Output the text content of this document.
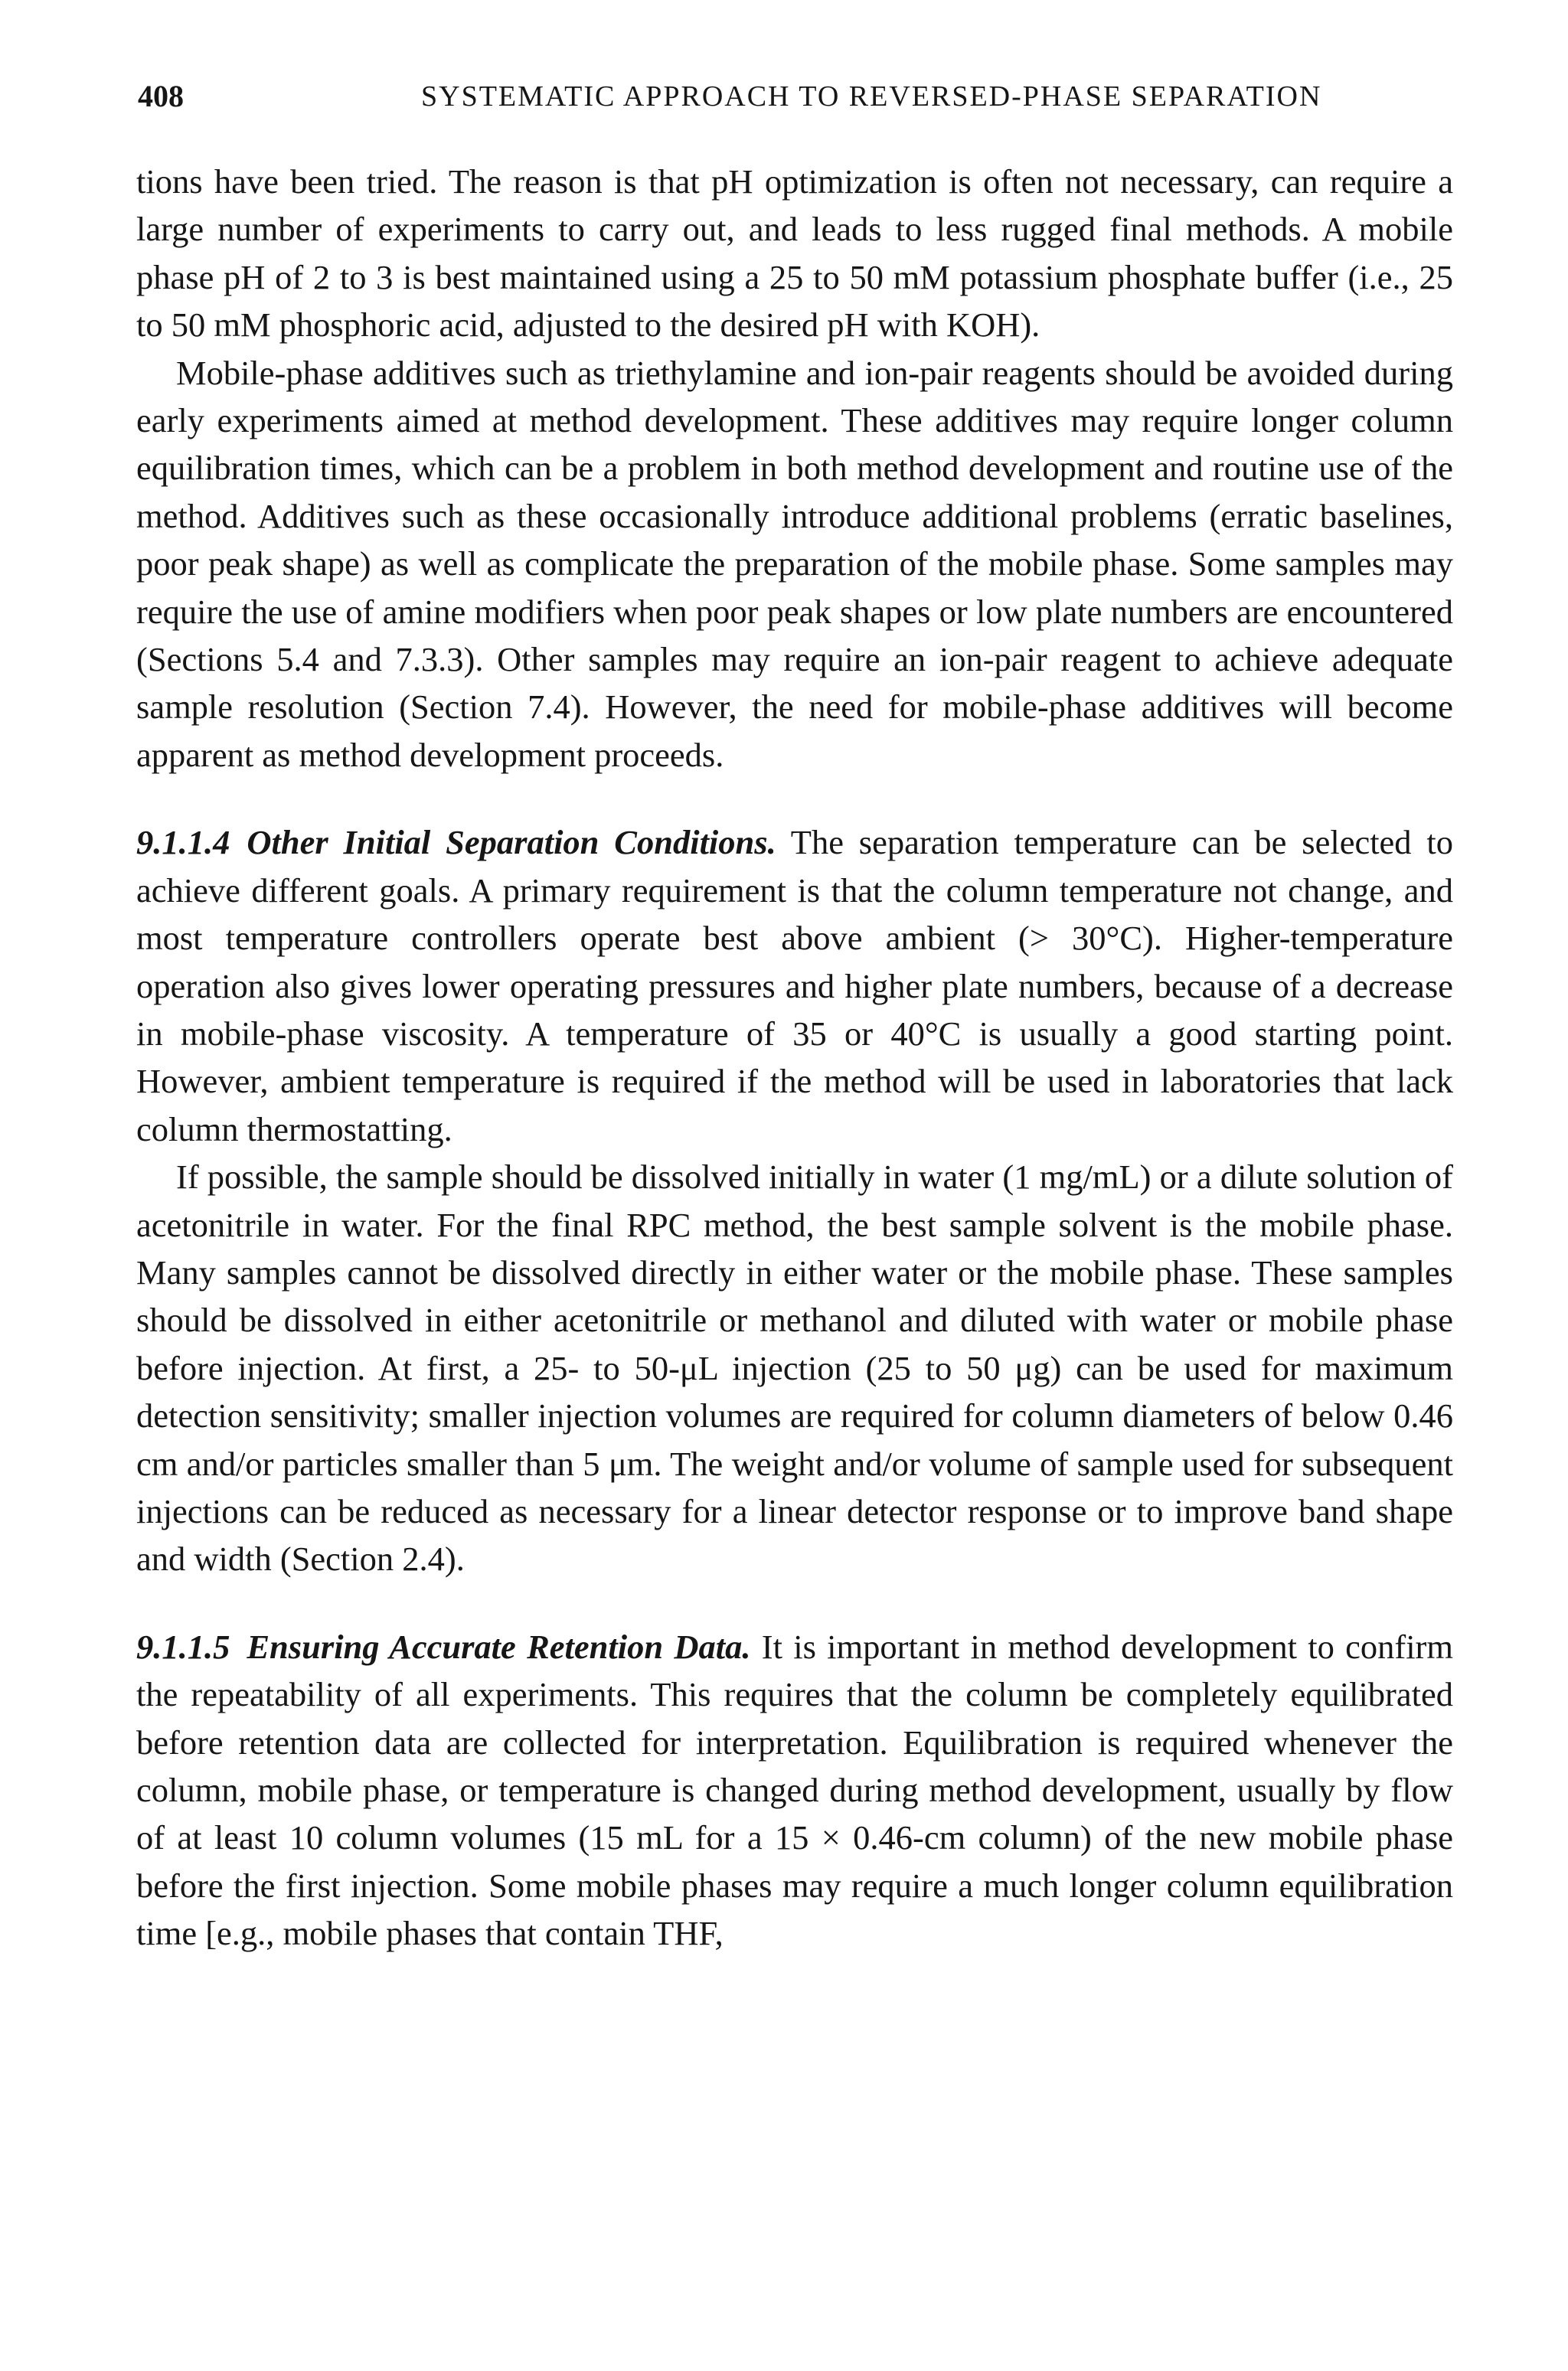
408	SYSTEMATIC APPROACH TO REVERSED-PHASE SEPARATION

tions have been tried. The reason is that pH optimization is often not necessary, can require a large number of experiments to carry out, and leads to less rugged final methods. A mobile phase pH of 2 to 3 is best maintained using a 25 to 50 mM potassium phosphate buffer (i.e., 25 to 50 mM phosphoric acid, adjusted to the desired pH with KOH).

Mobile-phase additives such as triethylamine and ion-pair reagents should be avoided during early experiments aimed at method development. These additives may require longer column equilibration times, which can be a problem in both method development and routine use of the method. Additives such as these occasionally introduce additional problems (erratic baselines, poor peak shape) as well as complicate the preparation of the mobile phase. Some samples may require the use of amine modifiers when poor peak shapes or low plate numbers are encountered (Sections 5.4 and 7.3.3). Other samples may require an ion-pair reagent to achieve adequate sample resolution (Section 7.4). However, the need for mobile-phase additives will become apparent as method development proceeds.

9.1.1.4 Other Initial Separation Conditions. The separation temperature can be selected to achieve different goals. A primary requirement is that the column temperature not change, and most temperature controllers operate best above ambient (> 30°C). Higher-temperature operation also gives lower operating pressures and higher plate numbers, because of a decrease in mobile-phase viscosity. A temperature of 35 or 40°C is usually a good starting point. However, ambient temperature is required if the method will be used in laboratories that lack column thermostatting.

If possible, the sample should be dissolved initially in water (1 mg/mL) or a dilute solution of acetonitrile in water. For the final RPC method, the best sample solvent is the mobile phase. Many samples cannot be dissolved directly in either water or the mobile phase. These samples should be dissolved in either acetonitrile or methanol and diluted with water or mobile phase before injection. At first, a 25- to 50-μL injection (25 to 50 μg) can be used for maximum detection sensitivity; smaller injection volumes are required for column diameters of below 0.46 cm and/or particles smaller than 5 μm. The weight and/or volume of sample used for subsequent injections can be reduced as necessary for a linear detector response or to improve band shape and width (Section 2.4).

9.1.1.5 Ensuring Accurate Retention Data. It is important in method development to confirm the repeatability of all experiments. This requires that the column be completely equilibrated before retention data are collected for interpretation. Equilibration is required whenever the column, mobile phase, or temperature is changed during method development, usually by flow of at least 10 column volumes (15 mL for a 15 × 0.46-cm column) of the new mobile phase before the first injection. Some mobile phases may require a much longer column equilibration time [e.g., mobile phases that contain THF,
